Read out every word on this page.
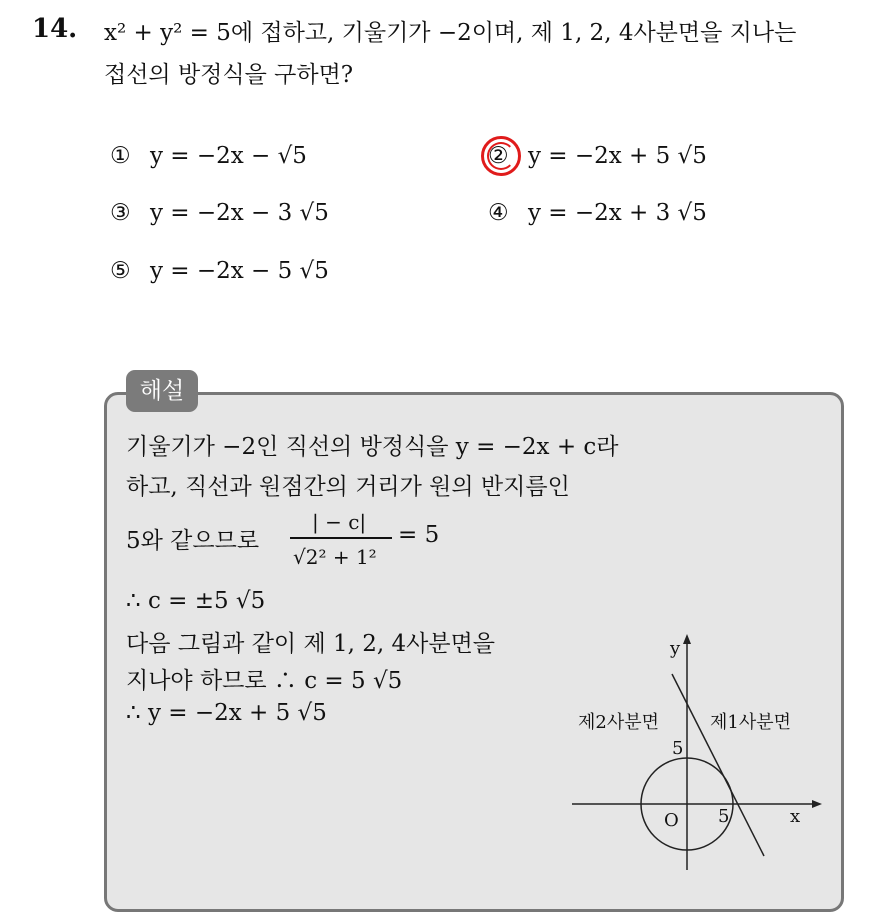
14. x² + y² = 5에 접하고, 기울기가 −2이며, 제 1, 2, 4사분면을 지나는
접선의 방정식을 구하면?
① y = −2x − √5	② y = −2x + 5 √5
③ y = −2x − 3 √5	④ y = −2x + 3 √5
⑤ y = −2x − 5 √5
해설
기울기가 −2인 직선의 방정식을 y = −2x + c라
하고, 직선과 원점간의 거리가 원의 반지름인
5와 같으므로
| − c|
√2² + 1²
= 5
∴ c = ±5 √5
다음 그림과 같이 제 1, 2, 4사분면을
지나야 하므로 ∴ c = 5 √5
∴ y = −2x + 5 √5
y
x
O
5
5
제2사분면	제1사분면
